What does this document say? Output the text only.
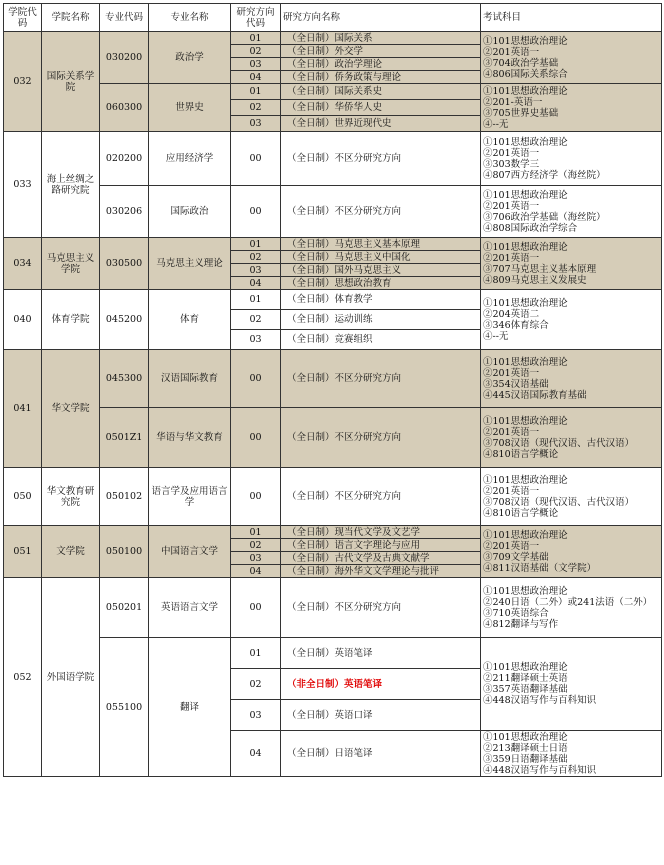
学院代码	学院名称	专业代码	专业名称	研究方向代码	研究方向名称	考试科目
032	国际关系学院	030200	政治学	01	（全日制）国际关系	①101思想政治理论
②201英语一
③704政治学基础
④806国际关系综合

				02	（全日制）外交学	
				03	（全日制）政治学理论	
				04	（全日制）侨务政策与理论	
		060300	世界史	01	（全日制）国际关系史	①101思想政治理论
②201-英语一
③705世界史基础
④--无

				02	（全日制）华侨华人史	
				03	（全日制）世界近现代史	
033	海上丝绸之路研究院	020200	应用经济学	00	（全日制）不区分研究方向	①101思想政治理论
②201英语一
③303数学三
④807西方经济学（海丝院）

		030206	国际政治	00	（全日制）不区分研究方向	①101思想政治理论
②201英语一
③706政治学基础（海丝院）
④808国际政治学综合

034	马克思主义学院	030500	马克思主义理论	01	（全日制）马克思主义基本原理	①101思想政治理论
②201英语一
③707马克思主义基本原理
④809马克思主义发展史

				02	（全日制）马克思主义中国化	
				03	（全日制）国外马克思主义	
				04	（全日制）思想政治教育	
040	体育学院	045200	体育	01	（全日制）体育教学	①101思想政治理论
②204英语二
③346体育综合
④--无

				02	（全日制）运动训练	
				03	（全日制）竞赛组织	
041	华文学院	045300	汉语国际教育	00	（全日制）不区分研究方向	①101思想政治理论
②201英语一
③354汉语基础
④445汉语国际教育基础

		0501Z1	华语与华文教育	00	（全日制）不区分研究方向	①101思想政治理论
②201英语一
③708汉语（现代汉语、古代汉语）
④810语言学概论

050	华文教育研究院	050102	语言学及应用语言学	00	（全日制）不区分研究方向	①101思想政治理论
②201英语一
③708汉语（现代汉语、古代汉语）
④810语言学概论

051	文学院	050100	中国语言文学	01	（全日制）现当代文学及文艺学	①101思想政治理论
②201英语一
③709文学基础
④811汉语基础（文学院）

				02	（全日制）语言文字理论与应用	
				03	（全日制）古代文学及古典文献学	
				04	（全日制）海外华文文学理论与批评	
052	外国语学院	050201	英语语言文学	00	（全日制）不区分研究方向	①101思想政治理论
②240日语（二外）或241法语（二外）
③710英语综合
④812翻译与写作

		055100	翻译	01	（全日制）英语笔译	①101思想政治理论
②211翻译硕士英语
③357英语翻译基础
④448汉语写作与百科知识

				02	（非全日制）英语笔译	
				03	（全日制）英语口译	
				04	（全日制）日语笔译	①101思想政治理论
②213翻译硕士日语
③359日语翻译基础
④448汉语写作与百科知识
